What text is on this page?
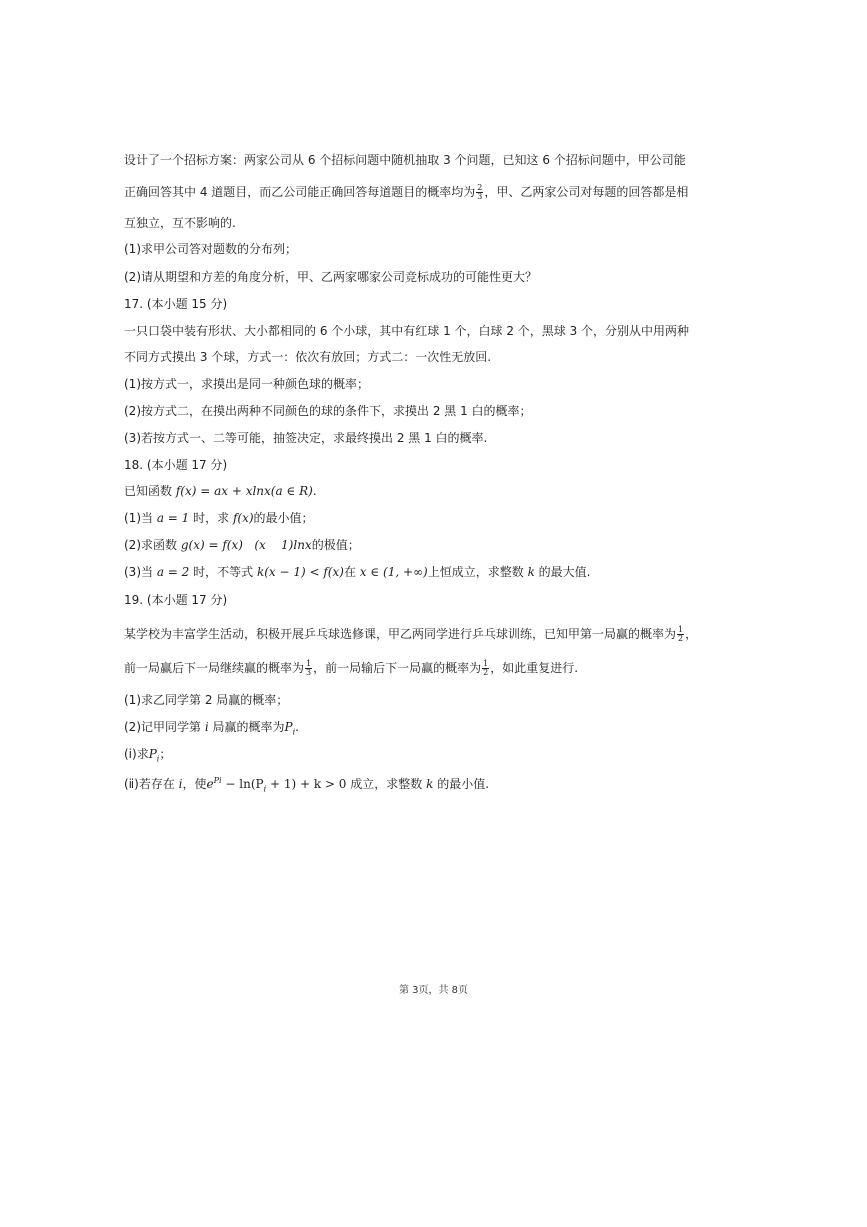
设计了一个招标方案：两家公司从 6 个招标问题中随机抽取 3 个问题，已知这 6 个招标问题中，甲公司能
正确回答其中 4 道题目，而乙公司能正确回答每道题目的概率均为 $\frac{2}{3}$ ，甲、乙两家公司对每题的回答都是相
互独立，互不影响的.
(1)求甲公司答对题数的分布列；
(2)请从期望和方差的角度分析，甲、乙两家哪家公司竞标成功的可能性更大？
17. (本小题 15 分)
一只口袋中装有形状、大小都相同的 6 个小球，其中有红球 1 个，白球 2 个，黑球 3 个，分别从中用两种
不同方式摸出 3 个球，方式一：依次有放回；方式二：一次性无放回.
(1)按方式一，求摸出是同一种颜色球的概率；
(2)按方式二，在摸出两种不同颜色的球的条件下，求摸出 2 黑 1 白的概率；
(3)若按方式一、二等可能，抽签决定，求最终摸出 2 黑 1 白的概率.
18. (本小题 17 分)
已知函数 f(x) = ax + xlnx(a ∈ R).
(1)当 a = 1 时，求 f(x)的最小值；
(2)求函数 g(x) = f(x)   (x    1)lnx的极值；
(3)当 a = 2 时，不等式 k(x − 1) < f(x)在 x ∈ (1, +∞)上恒成立，求整数 k 的最大值.
19. (本小题 17 分)
某学校为丰富学生活动，积极开展乒乓球选修课，甲乙两同学进行乒乓球训练，已知甲第一局赢的概率为 $\frac{1}{2}$ ，
前一局赢后下一局继续赢的概率为 $\frac{1}{3}$ ，前一局输后下一局赢的概率为 $\frac{1}{2}$ ，如此重复进行.
(1)求乙同学第 2 局赢的概率；
(2)记甲同学第 i 局赢的概率为$P_i$.
(ⅰ)求$P_i$；
(ⅱ)若存在 i，使$e^{Pi} - \ln(P_i + 1) + k > 0$ 成立，求整数 k 的最小值.
第 3页，共 8页
